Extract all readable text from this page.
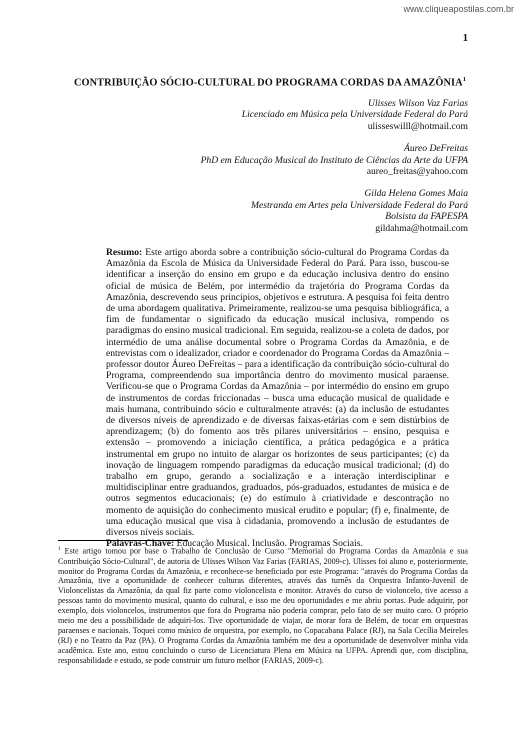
www.cliqueapostilas.com.br
1
CONTRIBUIÇÃO SÓCIO-CULTURAL DO PROGRAMA CORDAS DA AMAZÔNIA$^1$
Ulisses Wilson Vaz Farias
Licenciado em Música pela Universidade Federal do Pará
ulisseswilll@hotmail.com
Áureo DeFreitas
PhD em Educação Musical do Instituto de Ciências da Arte da UFPA
aureo_freitas@yahoo.com
Gilda Helena Gomes Maia
Mestranda em Artes pela Universidade Federal do Pará
Bolsista da FAPESPA
gildahma@hotmail.com
Resumo: Este artigo aborda sobre a contribuição sócio-cultural do Programa Cordas da Amazônia da Escola de Música da Universidade Federal do Pará. Para isso, buscou-se identificar a inserção do ensino em grupo e da educação inclusiva dentro do ensino oficial de música de Belém, por intermédio da trajetória do Programa Cordas da Amazônia, descrevendo seus princípios, objetivos e estrutura. A pesquisa foi feita dentro de uma abordagem qualitativa. Primeiramente, realizou-se uma pesquisa bibliográfica, a fim de fundamentar o significado da educação musical inclusiva, rompendo os paradigmas do ensino musical tradicional. Em seguida, realizou-se a coleta de dados, por intermédio de uma análise documental sobre o Programa Cordas da Amazônia, e de entrevistas com o idealizador, criador e coordenador do Programa Cordas da Amazônia – professor doutor Áureo DeFreitas – para a identificação da contribuição sócio-cultural do Programa, compreendendo sua importância dentro do movimento musical paraense. Verificou-se que o Programa Cordas da Amazônia – por intermédio do ensino em grupo de instrumentos de cordas friccionadas – busca uma educação musical de qualidade e mais humana, contribuindo sócio e culturalmente através: (a) da inclusão de estudantes de diversos níveis de aprendizado e de diversas faixas-etárias com e sem distúrbios de aprendizagem; (b) do fomento aos três pilares universitários – ensino, pesquisa e extensão – promovendo a iniciação científica, a prática pedagógica e a prática instrumental em grupo no intuito de alargar os horizontes de seus participantes; (c) da inovação de linguagem rompendo paradigmas da educação musical tradicional; (d) do trabalho em grupo, gerando a socialização e a interação interdisciplinar e multidisciplinar entre graduandos, graduados, pós-graduados, estudantes de música e de outros segmentos educacionais; (e) do estímulo à criatividade e descontração no momento de aquisição do conhecimento musical erudito e popular; (f) e, finalmente, de uma educação musical que visa à cidadania, promovendo a inclusão de estudantes de diversos níveis sociais.
Palavras-Chave: Educação Musical. Inclusão. Programas Sociais.
$^1$ Este artigo tomou por base o Trabalho de Conclusão de Curso "Memorial do Programa Cordas da Amazônia e sua Contribuição Sócio-Cultural", de autoria de Ulisses Wilson Vaz Farias (FARIAS, 2009-c). Ulisses foi aluno e, posteriormente, monitor do Programa Cordas da Amazônia, e reconhece-se beneficiado por este Programa: "através do Programa Cordas da Amazônia, tive a oportunidade de conhecer culturas diferentes, através das turnês da Orquestra Infanto-Juvenil de Violoncelistas da Amazônia, da qual fiz parte como violoncelista e monitor. Através do curso de violoncelo, tive acesso a pessoas tanto do movimento musical, quanto do cultural, e isso me deu oportunidades e me abriu portas. Pude adquirir, por exemplo, dois violoncelos, instrumentos que fora do Programa não poderia comprar, pelo fato de ser muito caro. O próprio meio me deu a possibilidade de adquiri-los. Tive oportunidade de viajar, de morar fora de Belém, de tocar em orquestras paraenses e nacionais. Toquei como músico de orquestra, por exemplo, no Copacabana Palace (RJ), na Sala Cecília Meireles (RJ) e no Teatro da Paz (PA). O Programa Cordas da Amazônia também me deu a oportunidade de desenvolver minha vida acadêmica. Este ano, estou concluindo o curso de Licenciatura Plena em Música na UFPA. Aprendi que, com disciplina, responsabilidade e estudo, se pode construir um futuro melhor (FARIAS, 2009-c).
